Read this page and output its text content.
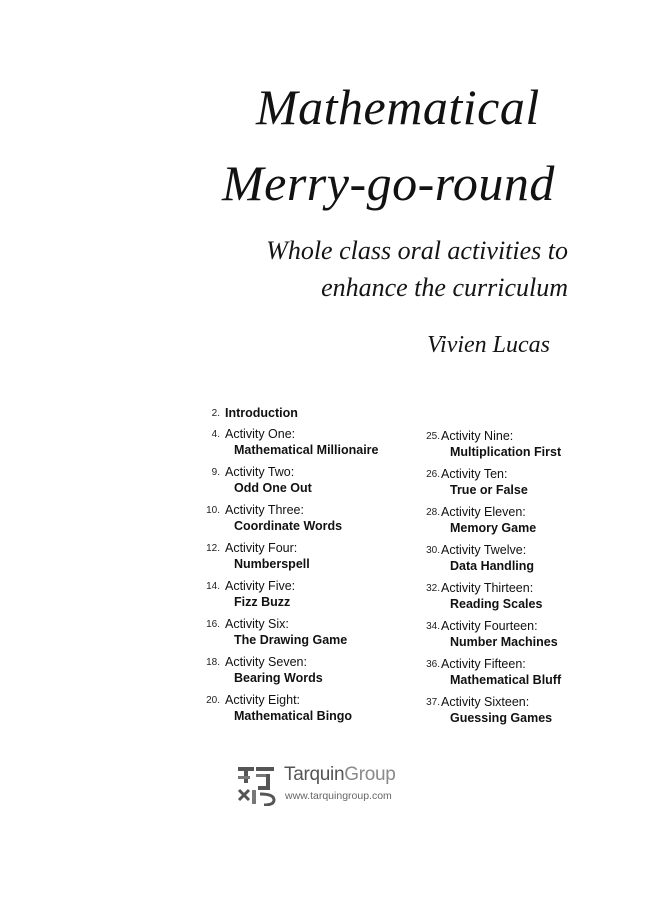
Mathematical
Merry-go-round
Whole class oral activities to
enhance the curriculum
Vivien Lucas
2. Introduction
4. Activity One:
Mathematical Millionaire
9. Activity Two:
Odd One Out
10. Activity Three:
Coordinate Words
12. Activity Four:
Numberspell
14. Activity Five:
Fizz Buzz
16. Activity Six:
The Drawing Game
18. Activity Seven:
Bearing Words
20. Activity Eight:
Mathematical Bingo
25. Activity Nine:
Multiplication First
26. Activity Ten:
True or False
28. Activity Eleven:
Memory Game
30. Activity Twelve:
Data Handling
32. Activity Thirteen:
Reading Scales
34. Activity Fourteen:
Number Machines
36. Activity Fifteen:
Mathematical Bluff
37. Activity Sixteen:
Guessing Games
TarquinGroup
www.tarquingroup.com
